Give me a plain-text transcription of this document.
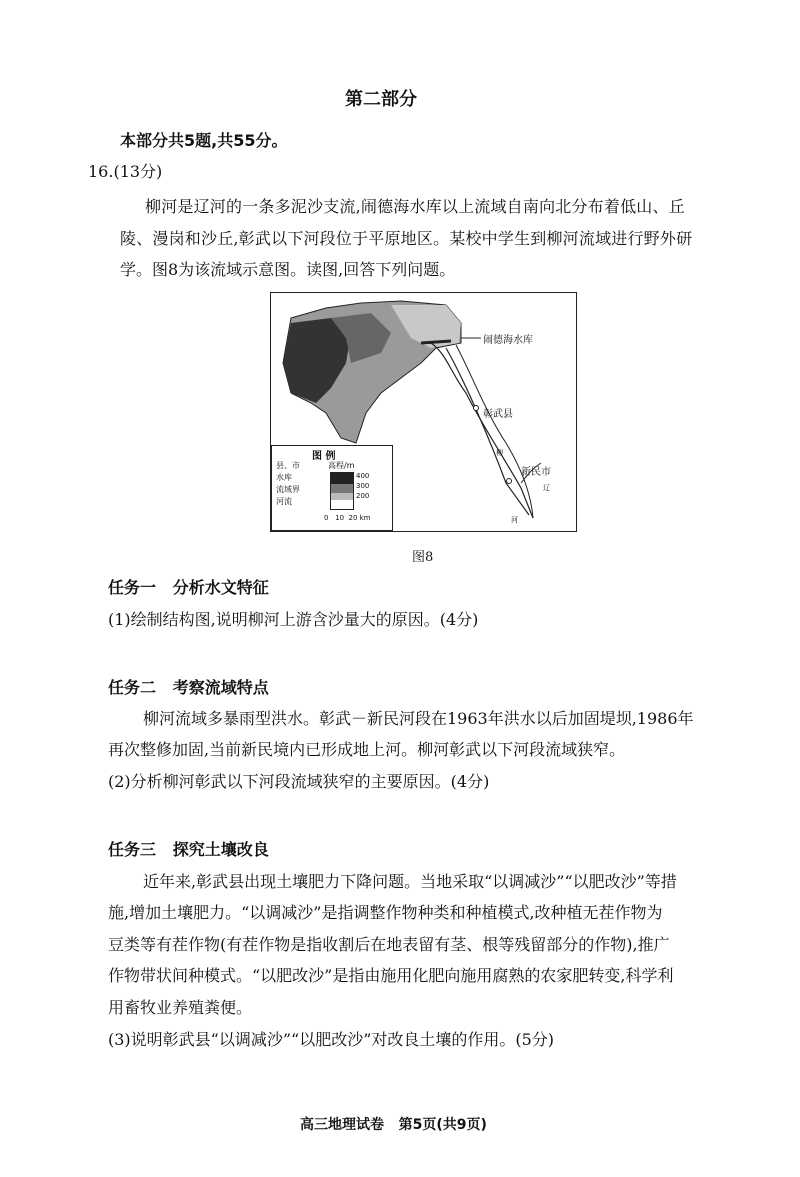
第二部分
本部分共5题,共55分。
16.(13分)
柳河是辽河的一条多泥沙支流,闹德海水库以上流域自南向北分布着低山、丘
陵、漫岗和沙丘,彰武以下河段位于平原地区。某校中学生到柳河流域进行野外研
学。图8为该流域示意图。读图,回答下列问题。
闹德海水库
彰武县
新民市
柳
河
辽
图 例
县、市
水库
流域界
河流
高程/m
400
300
200
0   10  20 km
图8
任务一   分析水文特征
(1)绘制结构图,说明柳河上游含沙量大的原因。(4分)
任务二   考察流域特点
柳河流域多暴雨型洪水。彰武－新民河段在1963年洪水以后加固堤坝,1986年
再次整修加固,当前新民境内已形成地上河。柳河彰武以下河段流域狭窄。
(2)分析柳河彰武以下河段流域狭窄的主要原因。(4分)
任务三   探究土壤改良
近年来,彰武县出现土壤肥力下降问题。当地采取“以调减沙”“以肥改沙”等措
施,增加土壤肥力。“以调减沙”是指调整作物种类和种植模式,改种植无茬作物为
豆类等有茬作物(有茬作物是指收割后在地表留有茎、根等残留部分的作物),推广
作物带状间种模式。“以肥改沙”是指由施用化肥向施用腐熟的农家肥转变,科学利
用畜牧业养殖粪便。
(3)说明彰武县“以调减沙”“以肥改沙”对改良土壤的作用。(5分)
高三地理试卷   第5页(共9页)
